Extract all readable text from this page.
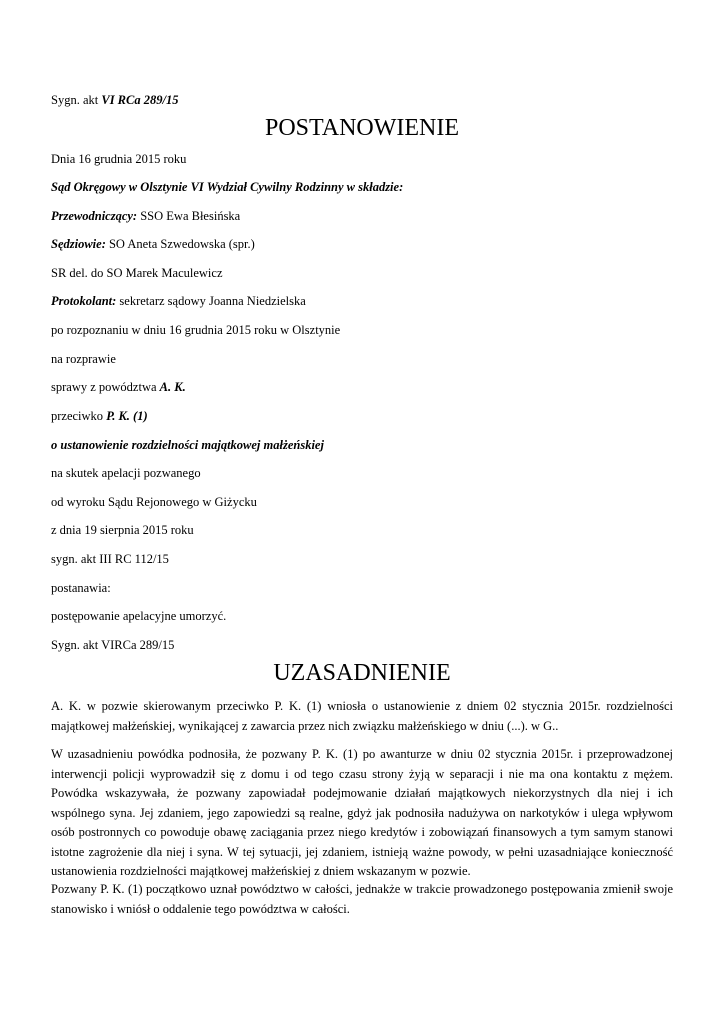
Sygn. akt VI RCa 289/15

POSTANOWIENIE

Dnia 16 grudnia 2015 roku

Sąd Okręgowy w Olsztynie VI Wydział Cywilny Rodzinny w składzie:

Przewodniczący: SSO Ewa Błesińska

Sędziowie: SO Aneta Szwedowska (spr.)

SR del. do SO Marek Maculewicz

Protokolant: sekretarz sądowy Joanna Niedzielska

po rozpoznaniu w dniu 16 grudnia 2015 roku w Olsztynie

na rozprawie

sprawy z powództwa A. K.

przeciwko P. K. (1)

o ustanowienie rozdzielności majątkowej małżeńskiej

na skutek apelacji pozwanego

od wyroku Sądu Rejonowego w Giżycku

z dnia 19 sierpnia 2015 roku

sygn. akt III RC 112/15

postanawia:

postępowanie apelacyjne umorzyć.

Sygn. akt VIRCa 289/15

UZASADNIENIE

A. K. w pozwie skierowanym przeciwko P. K. (1) wniosła o ustanowienie z dniem 02 stycznia 2015r. rozdzielności majątkowej małżeńskiej, wynikającej z zawarcia przez nich związku małżeńskiego w dniu (...). w G..

W uzasadnieniu powódka podnosiła, że pozwany P. K. (1) po awanturze w dniu 02 stycznia 2015r. i przeprowadzonej interwencji policji wyprowadził się z domu i od tego czasu strony żyją w separacji i nie ma ona kontaktu z mężem. Powódka wskazywała, że pozwany zapowiadał podejmowanie działań majątkowych niekorzystnych dla niej i ich wspólnego syna. Jej zdaniem, jego zapowiedzi są realne, gdyż jak podnosiła nadużywa on narkotyków i ulega wpływom osób postronnych co powoduje obawę zaciągania przez niego kredytów i zobowiązań finansowych a tym samym stanowi istotne zagrożenie dla niej i syna. W tej sytuacji, jej zdaniem, istnieją ważne powody, w pełni uzasadniające konieczność ustanowienia rozdzielności majątkowej małżeńskiej z dniem wskazanym w pozwie.

Pozwany P. K. (1) początkowo uznał powództwo w całości, jednakże w trakcie prowadzonego postępowania zmienił swoje stanowisko i wniósł o oddalenie tego powództwa w całości.
